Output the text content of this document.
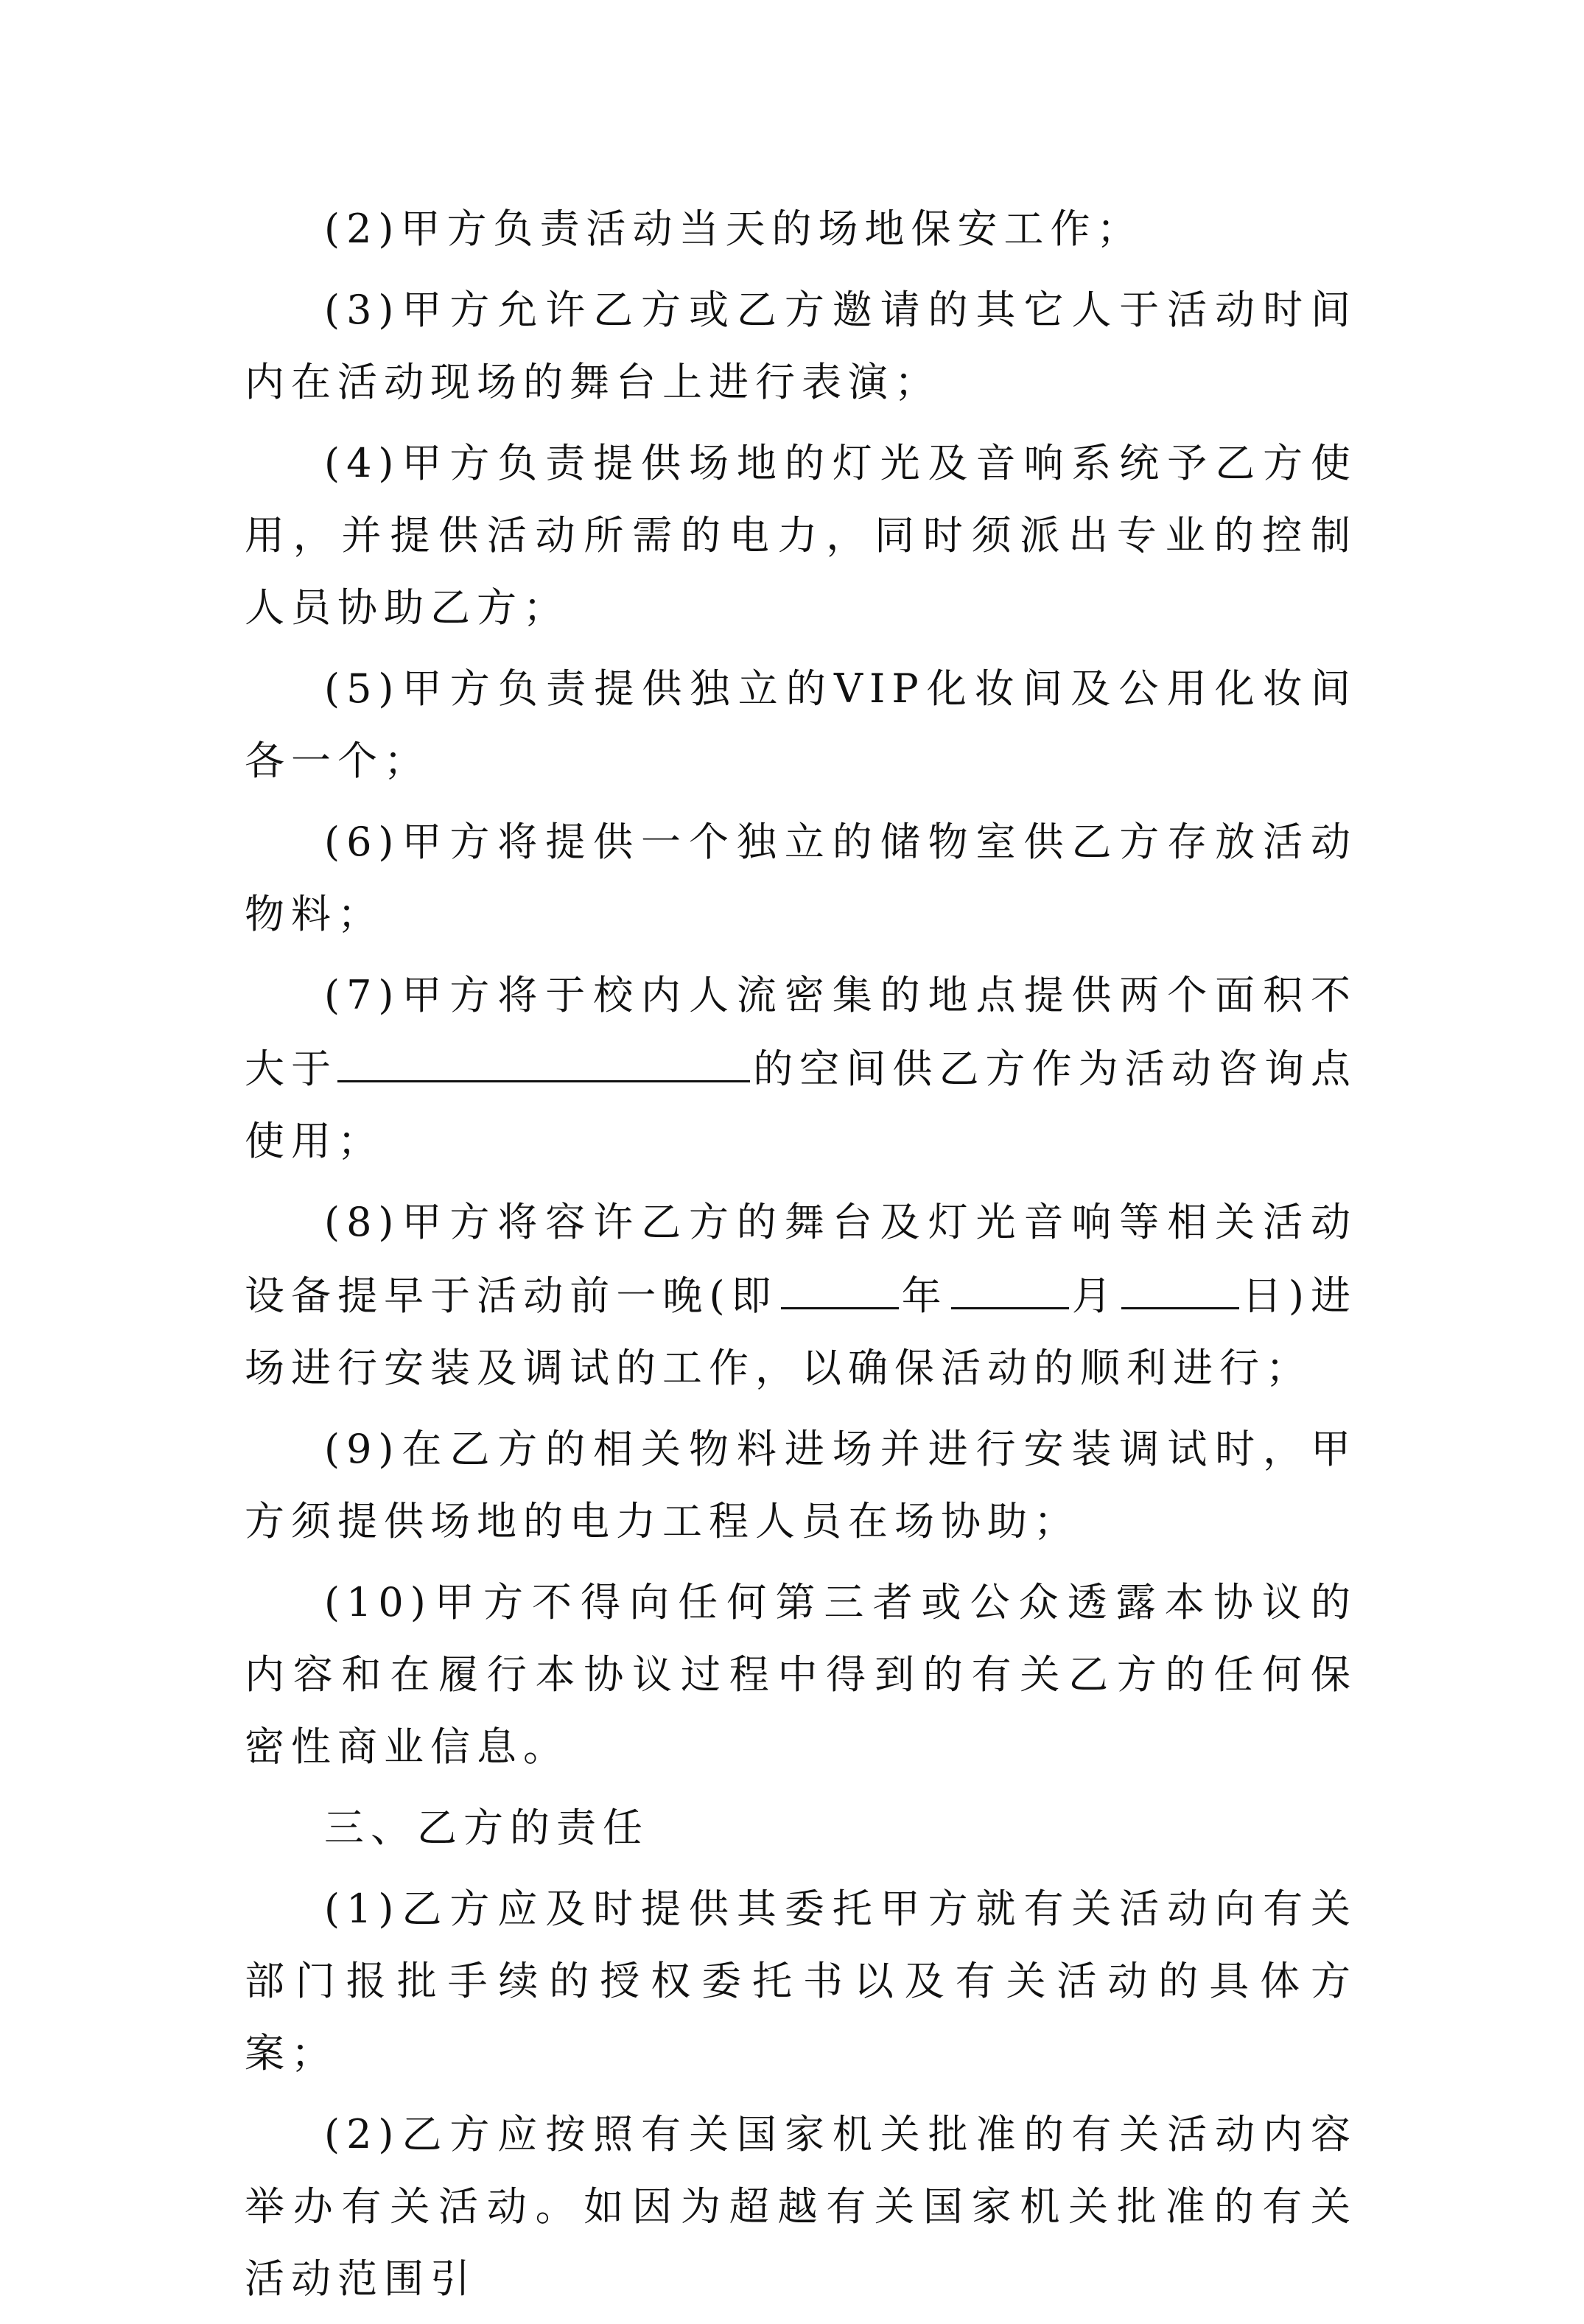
(2)甲方负责活动当天的场地保安工作；

(3)甲方允许乙方或乙方邀请的其它人于活动时间内在活动现场的舞台上进行表演；

(4)甲方负责提供场地的灯光及音响系统予乙方使用，并提供活动所需的电力，同时须派出专业的控制人员协助乙方；

(5)甲方负责提供独立的VIP化妆间及公用化妆间各一个；

(6)甲方将提供一个独立的储物室供乙方存放活动物料；

(7)甲方将于校内人流密集的地点提供两个面积不大于	的空间供乙方作为活动咨询点使用；

(8)甲方将容许乙方的舞台及灯光音响等相关活动设备提早于活动前一晚(即	年	月	日)进场进行安装及调试的工作，以确保活动的顺利进行；

(9)在乙方的相关物料进场并进行安装调试时，甲方须提供场地的电力工程人员在场协助；

(10)甲方不得向任何第三者或公众透露本协议的内容和在履行本协议过程中得到的有关乙方的任何保密性商业信息。

三、乙方的责任

(1)乙方应及时提供其委托甲方就有关活动向有关部门报批手续的授权委托书以及有关活动的具体方案；

(2)乙方应按照有关国家机关批准的有关活动内容举办有关活动。如因为超越有关国家机关批准的有关活动范围引
